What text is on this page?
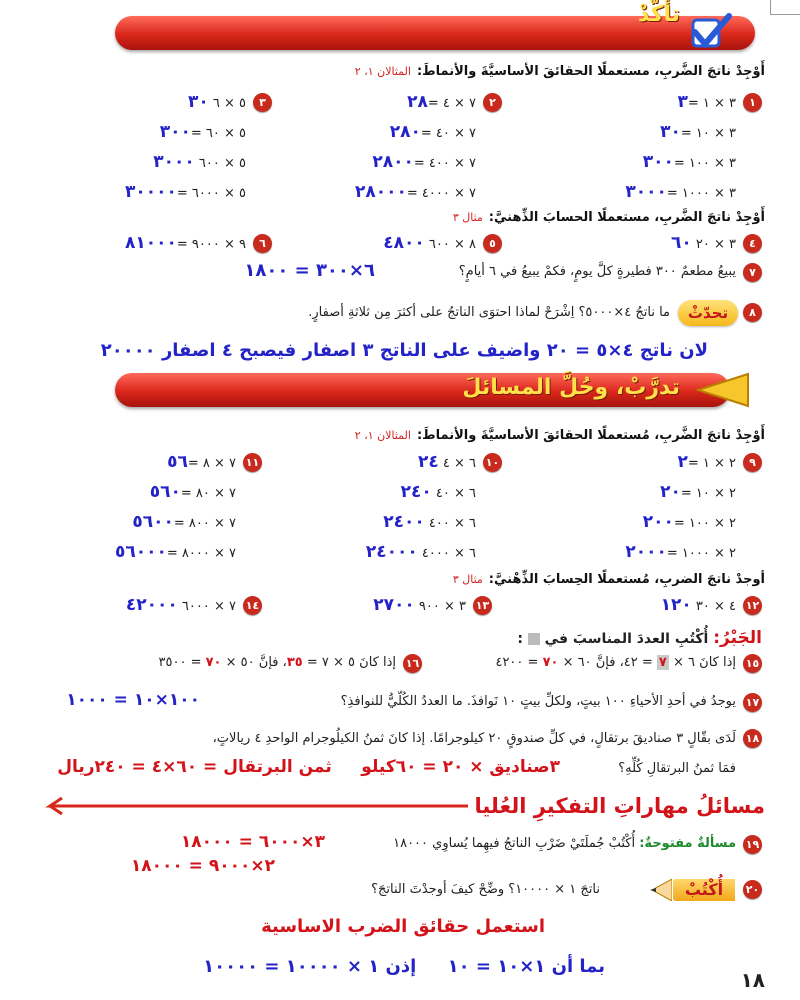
تأكّدْ
أَوْجِدْ ناتجَ الضَّربِ، مستعملًا الحقائقَ الأساسيَّةَ والأنماطَ:المثالان ١، ٢
١
٣ × ١ =٣
٣ × ١٠ =٣٠
٣ × ١٠٠ =٣٠٠
٣ × ١٠٠٠ =٣٠٠٠
٢
٧ × ٤ =٢٨
٧ × ٤٠ =٢٨٠
٧ × ٤٠٠ =٢٨٠٠
٧ × ٤٠٠٠ =٢٨٠٠٠
٣
٥ × ٦ ٣٠
٥ × ٦٠ =٣٠٠
٥ × ٦٠٠ ٣٠٠٠
٥ × ٦٠٠٠ =٣٠٠٠٠
أَوْجِدْ ناتجَ الضَّربِ، مستعملًا الحسابَ الذِّهنيَّ:مثال ٣
٤
٣ × ٢٠ ٦٠
٥
٨ × ٦٠٠ ٤٨٠٠
٦
٩ × ٩٠٠٠ =٨١٠٠٠
٧
يبيعُ مطعمٌ ٣٠٠ فطيرةٍ كلَّ يومٍ، فكمْ يبيعُ في ٦ أيامٍ؟
٦×٣٠٠ = ١٨٠٠
٨
تحدّثْ
ما ناتجُ ٤×٥٠٠٠؟ اِشْرَحْ لماذا احتوَى الناتجُ على أكثرَ مِن ثلاثةِ أصفارٍ.
لان ناتج ٤×٥ = ٢٠ واضيف على الناتج ٣ اصفار فيصبح ٤ اصفار ٢٠٠٠٠
تدرَّبْ، وحُلَّ المسائلَ
أَوْجِدْ ناتجَ الضَّربِ، مُستعملًا الحقائقَ الأساسيَّةَ والأنماطَ:المثالان ١، ٢
٩
٢ × ١ =٢
٢ × ١٠ =٢٠
٢ × ١٠٠ =٢٠٠
٢ × ١٠٠٠ =٢٠٠٠
١٠
٦ × ٤ ٢٤
٦ × ٤٠ ٢٤٠
٦ × ٤٠٠ ٢٤٠٠
٦ × ٤٠٠٠ ٢٤٠٠٠
١١
٧ × ٨ =٥٦
٧ × ٨٠ =٥٦٠
٧ × ٨٠٠ =٥٦٠٠
٧ × ٨٠٠٠ =٥٦٠٠٠
أوجدْ ناتجَ الضربِ، مُستعملًا الحِسابَ الذِّهْنيَّ:مثال ٣
١٢
٤ × ٣٠ ١٢٠
١٣
٣ × ٩٠٠ ٢٧٠٠
١٤
٧ × ٦٠٠٠ ٤٢٠٠٠
الجَبْرُ: أُكْتُبِ العددَ المناسبَ في  :
١٥
إذا كانَ ٦ × ٧ = ٤٢، فإنَّ ٦٠ × ٧٠ = ٤٢٠٠
١٦
إذا كانَ ٥ × ٧ = ٣٥، فإنَّ ٥٠ × ٧٠ = ٣٥٠٠
١٧
يوجدُ في أحدِ الأحياءِ ١٠٠ بيتٍ، ولكلِّ بيتٍ ١٠ نَوافذَ. ما العددُ الكُلّيُّ للنوافذِ؟
١٠٠×١٠ = ١٠٠٠
١٨
لَدَى بقّالٍ ٣ صناديقَ برتقالٍ، في كلِّ صندوقٍ ٢٠ كيلوجرامًا. إذا كانَ ثمنُ الكيلُوجرام الواحدِ ٤ ريالاتٍ،
فمَا ثمنُ البرتقالِ كُلِّهِ؟
٣صناديق × ٢٠ = ٦٠كيلو     ثمن البرتقال = ٦٠×٤ = ٢٤٠ريال
مسائلُ مهاراتِ التفكيرِ العُليا
١٩
مسألةٌ مفتوحةٌ: أُكْتُبْ جُملَتَيْ ضَرْبِ الناتجُ فيهِما يُساوِي ١٨٠٠٠
٣×٦٠٠٠ = ١٨٠٠٠
٢×٩٠٠٠ = ١٨٠٠٠
٢٠
أُكْتُبْ
ناتجَ ١ × ١٠٠٠٠؟ وضِّحْ كيفَ أوجدْتَ الناتجَ؟
استعمل حقائق الضرب الاساسية
بما أن ١×١٠ = ١٠     إذن ١ × ١٠٠٠٠ = ١٠٠٠٠
١٨
